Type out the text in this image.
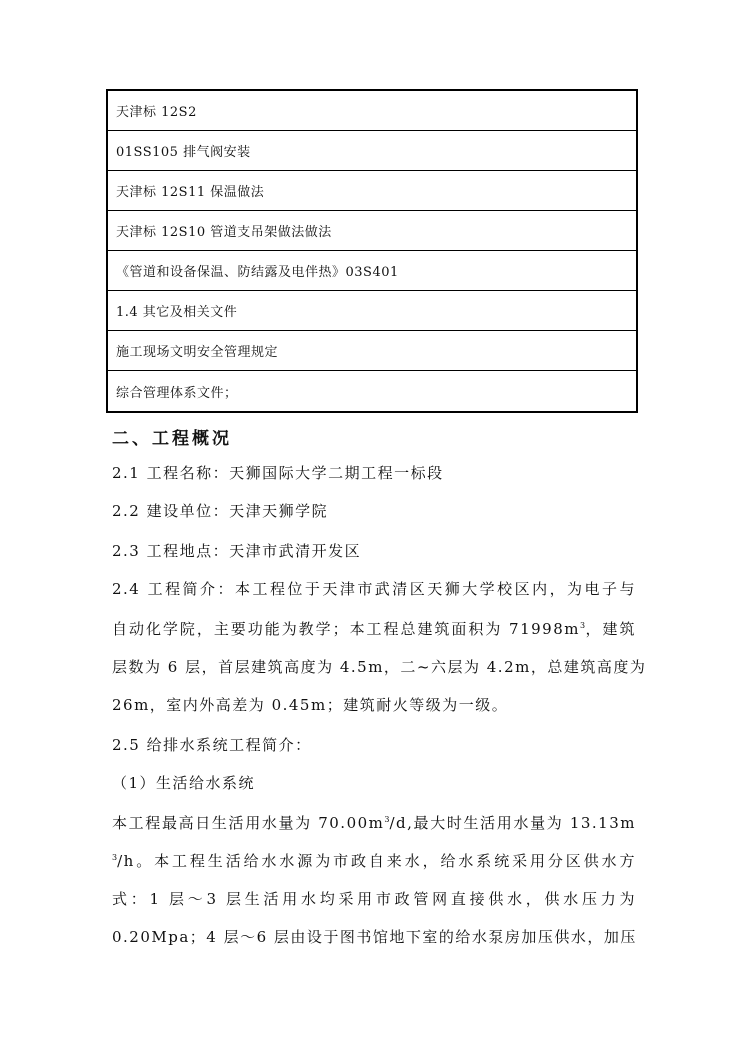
天津标 12S2
01SS105 排气阀安装
天津标 12S11 保温做法
天津标 12S10 管道支吊架做法做法
《管道和设备保温、防结露及电伴热》03S401
1.4 其它及相关文件
施工现场文明安全管理规定
综合管理体系文件；
二、工程概况
2.1 工程名称：天狮国际大学二期工程一标段
2.2 建设单位：天津天狮学院
2.3 工程地点：天津市武清开发区
2.4 工程简介：本工程位于天津市武清区天狮大学校区内，为电子与
自动化学院，主要功能为教学；本工程总建筑面积为 $71998m^3$，建筑
层数为 6 层，首层建筑高度为 4.5m，二~六层为 4.2m，总建筑高度为
26m，室内外高差为 0.45m；建筑耐火等级为一级。
2.5 给排水系统工程简介：
（1）生活给水系统
本工程最高日生活用水量为 $70.00m^3/d$,最大时生活用水量为 13.13m
$^3$/h。本工程生活给水水源为市政自来水，给水系统采用分区供水方
式：1 层～3 层生活用水均采用市政管网直接供水，供水压力为
0.20Mpa；4 层～6 层由设于图书馆地下室的给水泵房加压供水，加压
